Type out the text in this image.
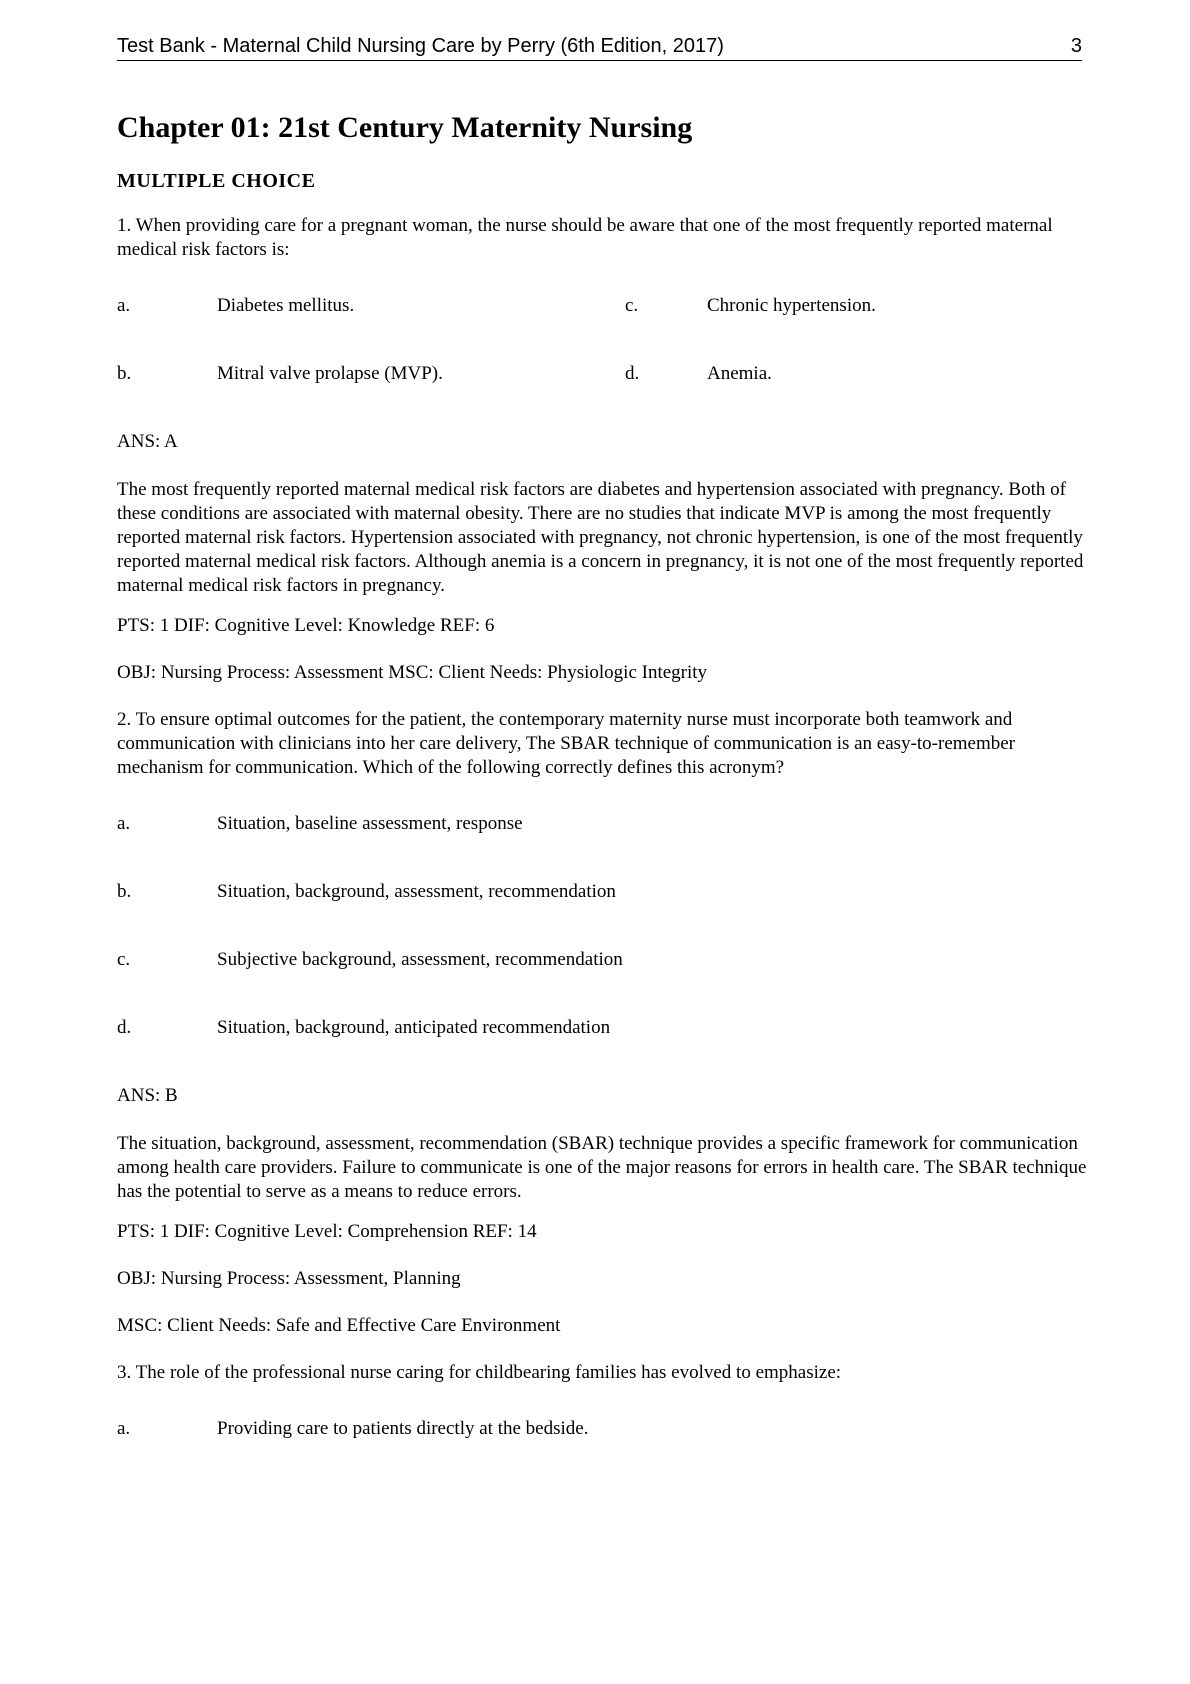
Test Bank - Maternal Child Nursing Care by Perry (6th Edition, 2017)	3
Chapter 01: 21st Century Maternity Nursing
MULTIPLE CHOICE
1. When providing care for a pregnant woman, the nurse should be aware that one of the most frequently reported maternal medical risk factors is:
a.	Diabetes mellitus.	c.	Chronic hypertension.
b.	Mitral valve prolapse (MVP).	d.	Anemia.
ANS: A
The most frequently reported maternal medical risk factors are diabetes and hypertension associated with pregnancy. Both of these conditions are associated with maternal obesity. There are no studies that indicate MVP is among the most frequently reported maternal risk factors. Hypertension associated with pregnancy, not chronic hypertension, is one of the most frequently reported maternal medical risk factors. Although anemia is a concern in pregnancy, it is not one of the most frequently reported maternal medical risk factors in pregnancy.
PTS: 1 DIF: Cognitive Level: Knowledge REF: 6
OBJ: Nursing Process: Assessment MSC: Client Needs: Physiologic Integrity
2. To ensure optimal outcomes for the patient, the contemporary maternity nurse must incorporate both teamwork and communication with clinicians into her care delivery, The SBAR technique of communication is an easy-to-remember mechanism for communication. Which of the following correctly defines this acronym?
a.	Situation, baseline assessment, response
b.	Situation, background, assessment, recommendation
c.	Subjective background, assessment, recommendation
d.	Situation, background, anticipated recommendation
ANS: B
The situation, background, assessment, recommendation (SBAR) technique provides a specific framework for communication among health care providers. Failure to communicate is one of the major reasons for errors in health care. The SBAR technique has the potential to serve as a means to reduce errors.
PTS: 1 DIF: Cognitive Level: Comprehension REF: 14
OBJ: Nursing Process: Assessment, Planning
MSC: Client Needs: Safe and Effective Care Environment
3. The role of the professional nurse caring for childbearing families has evolved to emphasize:
a.	Providing care to patients directly at the bedside.
